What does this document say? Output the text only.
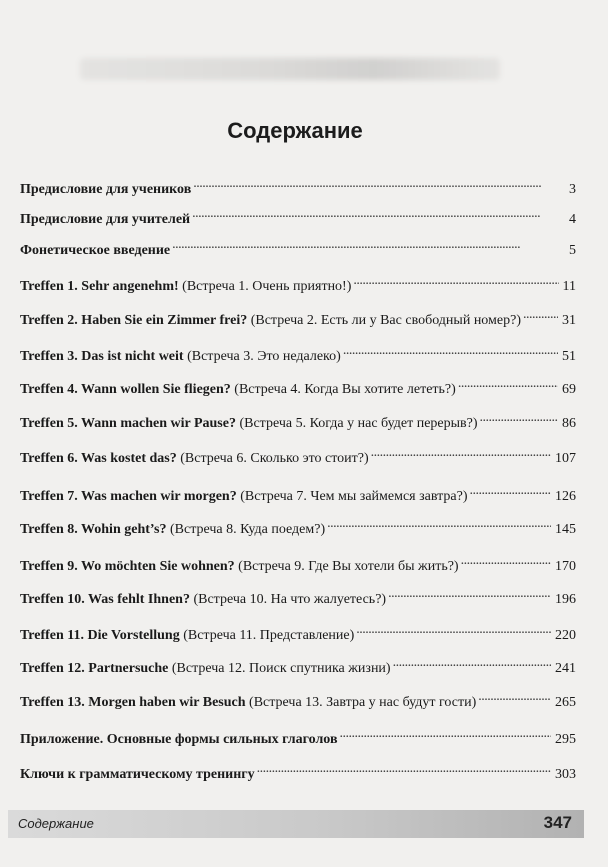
Содержание
Предисловие для учеников . . .	3
Предисловие для учителей . . .	4
Фонетическое введение . . .	5
Treffen 1. Sehr angenehm! (Встреча 1. Очень приятно!) . . .	11
Treffen 2. Haben Sie ein Zimmer frei? (Встреча 2. Есть ли у Вас свободный номер?) . . .	31
Treffen 3. Das ist nicht weit (Встреча 3. Это недалеко) . . .	51
Treffen 4. Wann wollen Sie fliegen? (Встреча 4. Когда Вы хотите лететь?) . . .	69
Treffen 5. Wann machen wir Pause? (Встреча 5. Когда у нас будет перерыв?) . . .	86
Treffen 6. Was kostet das? (Встреча 6. Сколько это стоит?) . . .	107
Treffen 7. Was machen wir morgen? (Встреча 7. Чем мы займемся завтра?) . . .	126
Treffen 8. Wohin geht’s? (Встреча 8. Куда поедем?) . . .	145
Treffen 9. Wo möchten Sie wohnen? (Встреча 9. Где Вы хотели бы жить?) . . .	170
Treffen 10. Was fehlt Ihnen? (Встреча 10. На что жалуетесь?) . . .	196
Treffen 11. Die Vorstellung (Встреча 11. Представление) . . .	220
Treffen 12. Partnersuche (Встреча 12. Поиск спутника жизни) . . .	241
Treffen 13. Morgen haben wir Besuch (Встреча 13. Завтра у нас будут гости) . . .	265
Приложение. Основные формы сильных глаголов . . .	295
Ключи к грамматическому тренингу . . .	303
Содержание	347
